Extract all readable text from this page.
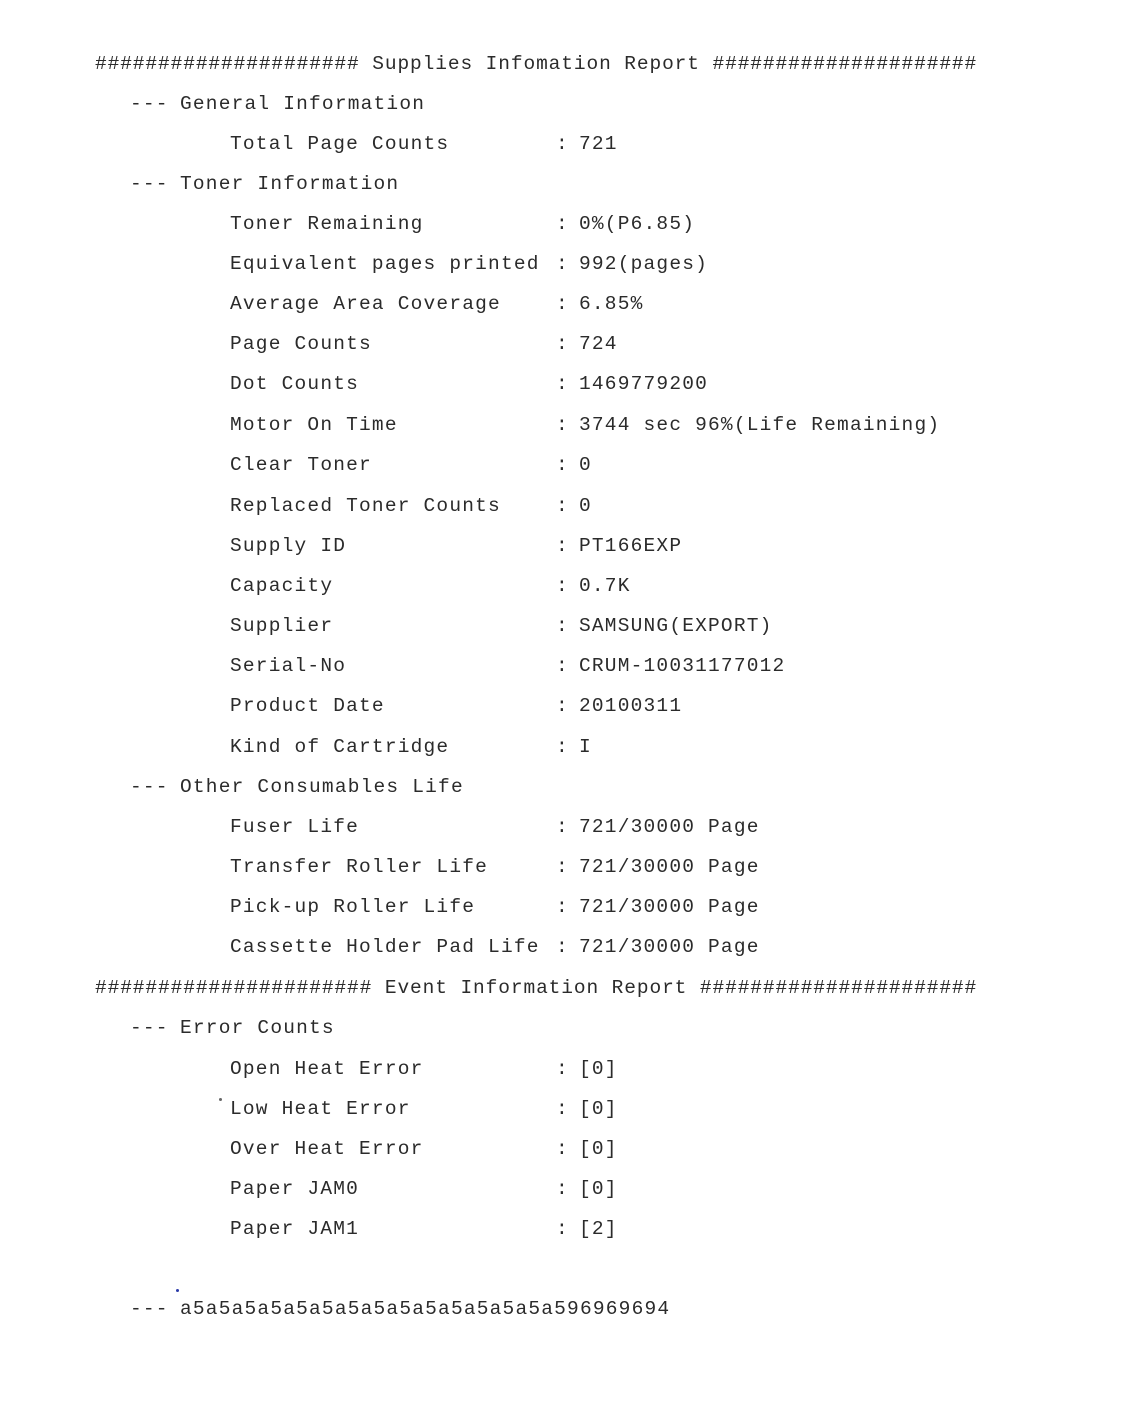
##################### Supplies Infomation Report #####################
--- General Information
Total Page Counts	: 721
--- Toner Information
Toner Remaining	: 0%(P6.85)
Equivalent pages printed : 992(pages)
Average Area Coverage	: 6.85%
Page Counts	: 724
Dot Counts	: 1469779200
Motor On Time	: 3744 sec 96%(Life Remaining)
Clear Toner	: 0
Replaced Toner Counts	: 0
Supply ID	: PT166EXP
Capacity	: 0.7K
Supplier	: SAMSUNG(EXPORT)
Serial-No	: CRUM-10031177012
Product Date	: 20100311
Kind of Cartridge	: I
--- Other Consumables Life
Fuser Life	: 721/30000 Page
Transfer Roller Life	: 721/30000 Page
Pick-up Roller Life	: 721/30000 Page
Cassette Holder Pad Life : 721/30000 Page
###################### Event Information Report ######################
--- Error Counts
Open Heat Error	: [0]
Low Heat Error	: [0]
Over Heat Error	: [0]
Paper JAM0	: [0]
Paper JAM1	: [2]
--- a5a5a5a5a5a5a5a5a5a5a5a5a5a5a596969694
